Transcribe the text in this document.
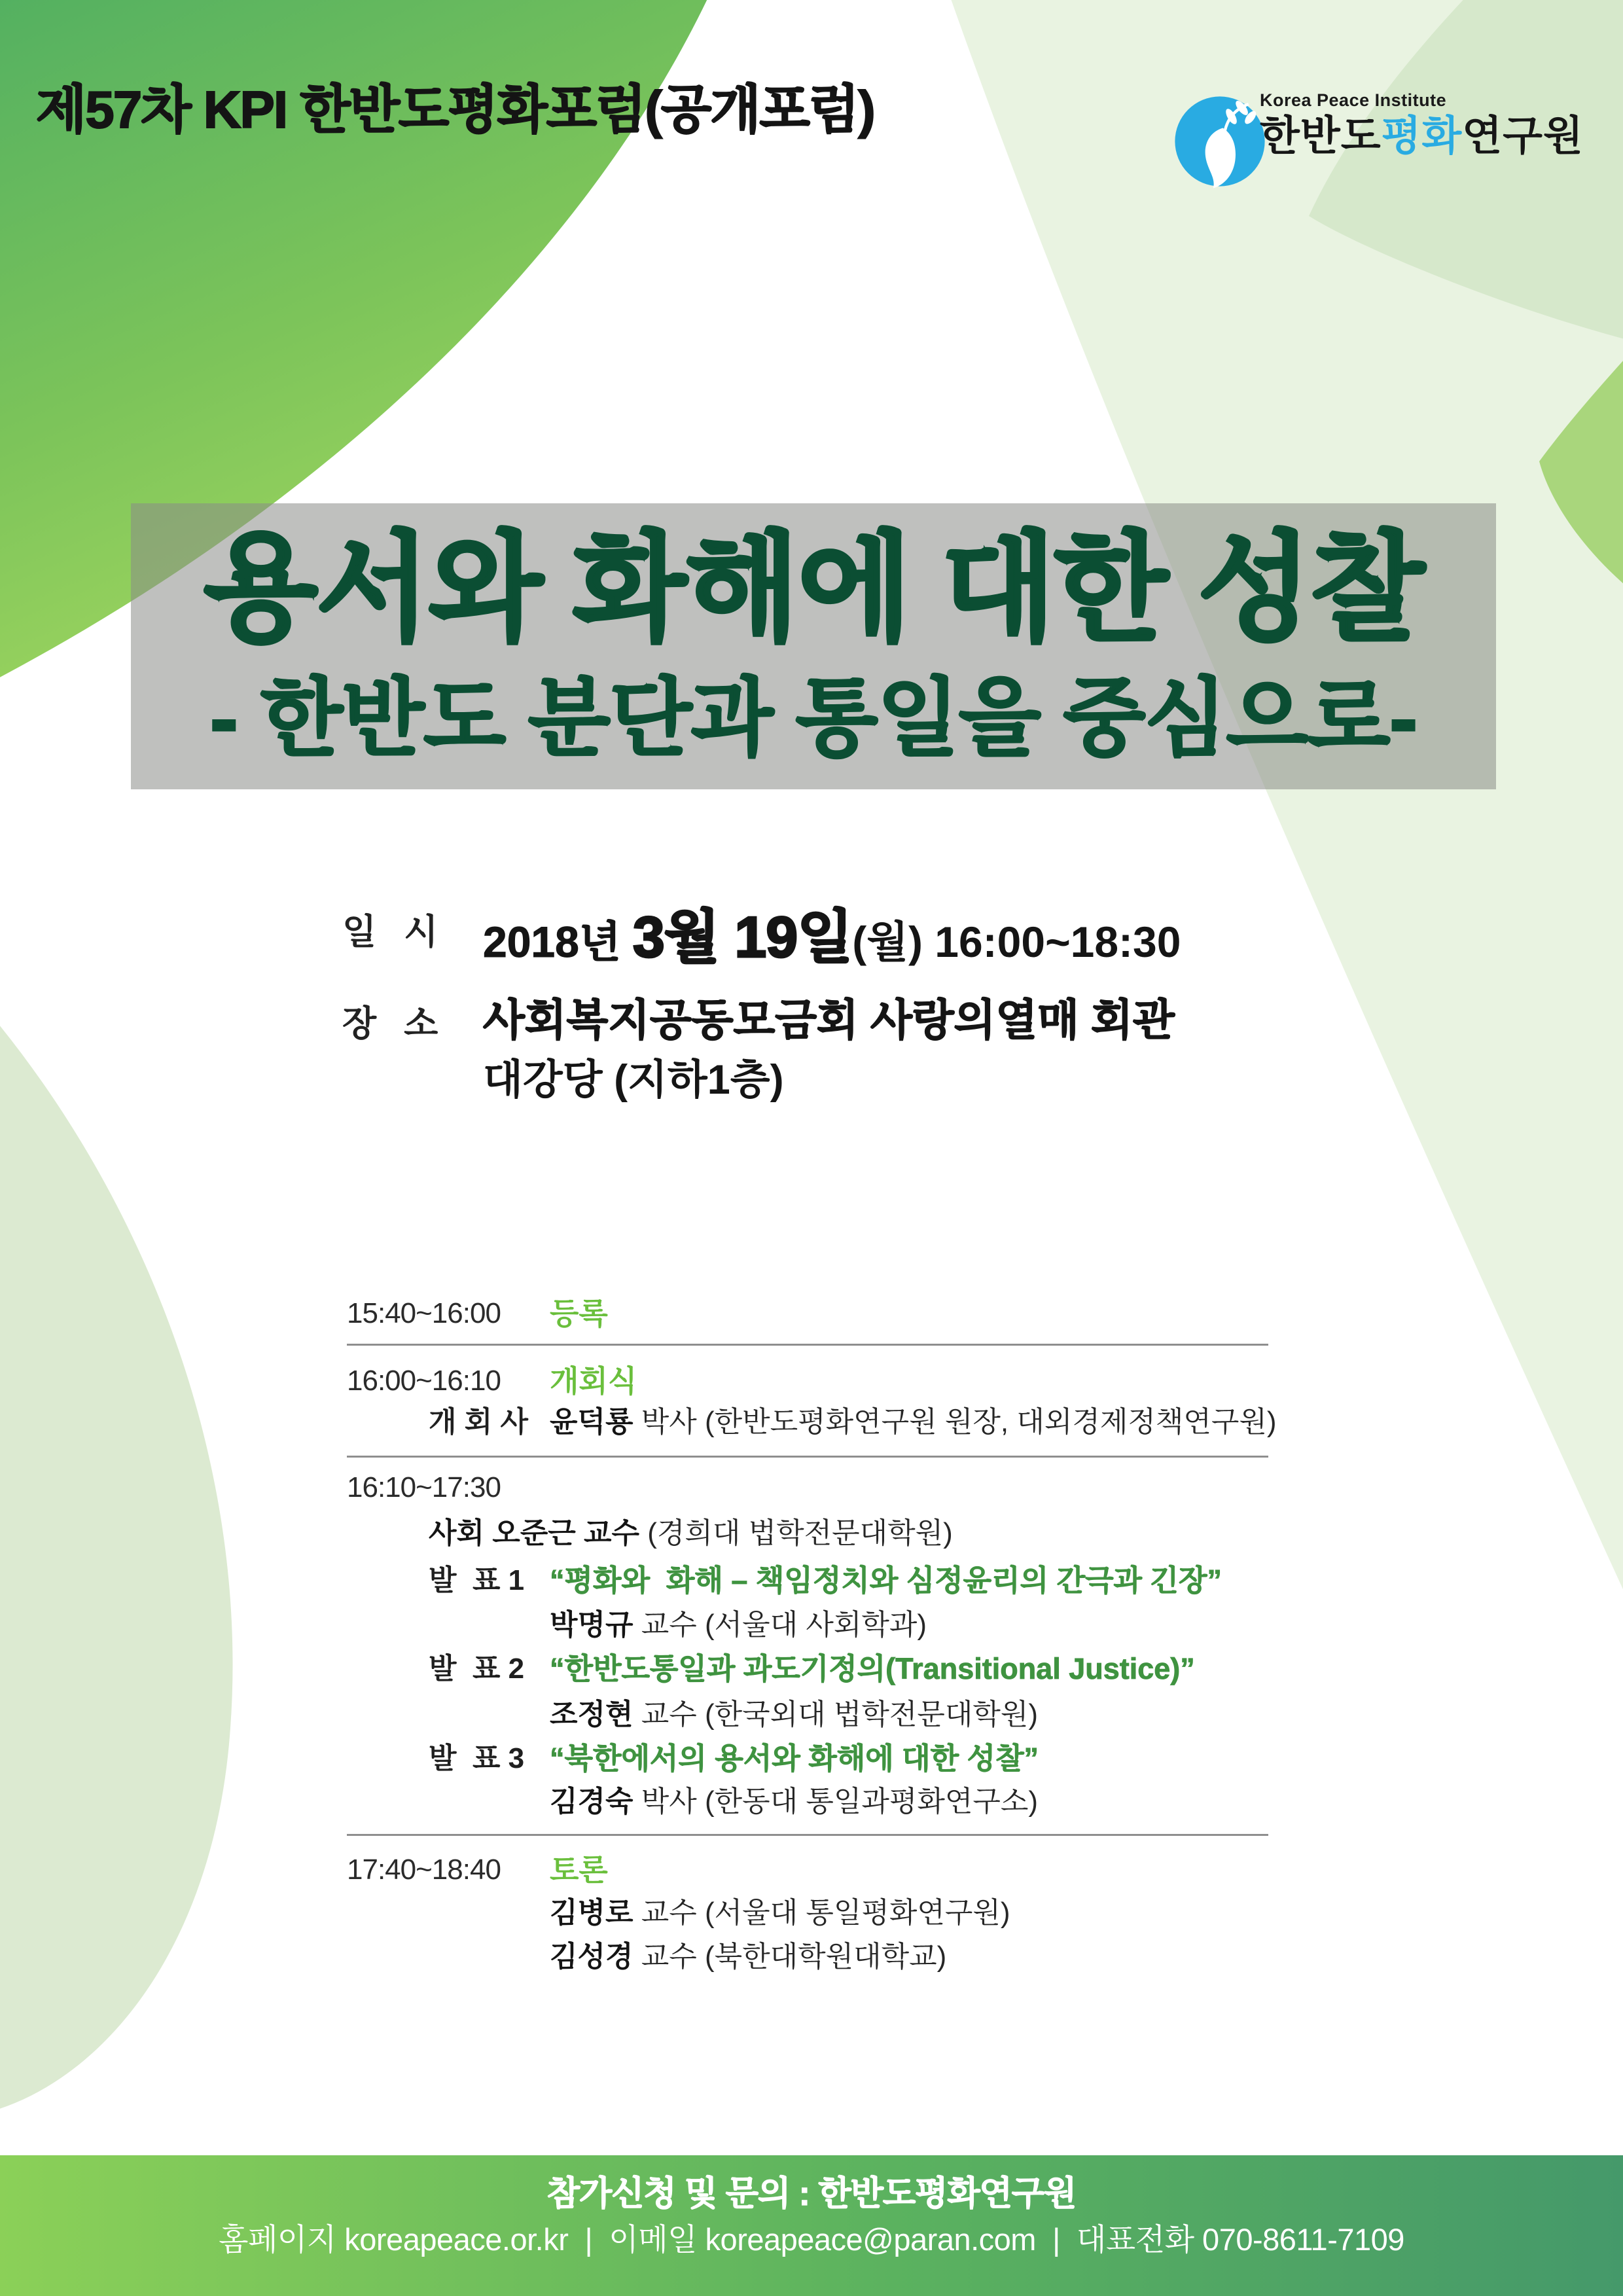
제57차 KPI 한반도평화포럼(공개포럼)	Korea Peace Institute
한반도평화연구원
용서와 화해에 대한 성찰
- 한반도 분단과 통일을 중심으로-
일  시 2018년 3월 19일 (월) 16:00~18:30
장  소 사회복지공동모금회 사랑의열매 회관
대강당 (지하1층)
15:40~16:00 등록
16:00~16:10 개회식
개 회 사 윤덕룡 박사 (한반도평화연구원 원장, 대외경제정책연구원)
16:10~17:30
사회 오준근 교수 (경희대 법학전문대학원)
발  표 1 “평화와  화해 – 책임정치와 심정윤리의 간극과 긴장”
박명규 교수 (서울대 사회학과)
발  표 2 “한반도통일과 과도기정의(Transitional Justice)”
조정현 교수 (한국외대 법학전문대학원)
발  표 3 “북한에서의 용서와 화해에 대한 성찰”
김경숙 박사 (한동대 통일과평화연구소)
17:40~18:40 토론
김병로 교수 (서울대 통일평화연구원)
김성경 교수 (북한대학원대학교)
참가신청 및 문의 : 한반도평화연구원
홈페이지 koreapeace.or.kr  |  이메일 koreapeace@paran.com  |  대표전화 070-8611-7109
